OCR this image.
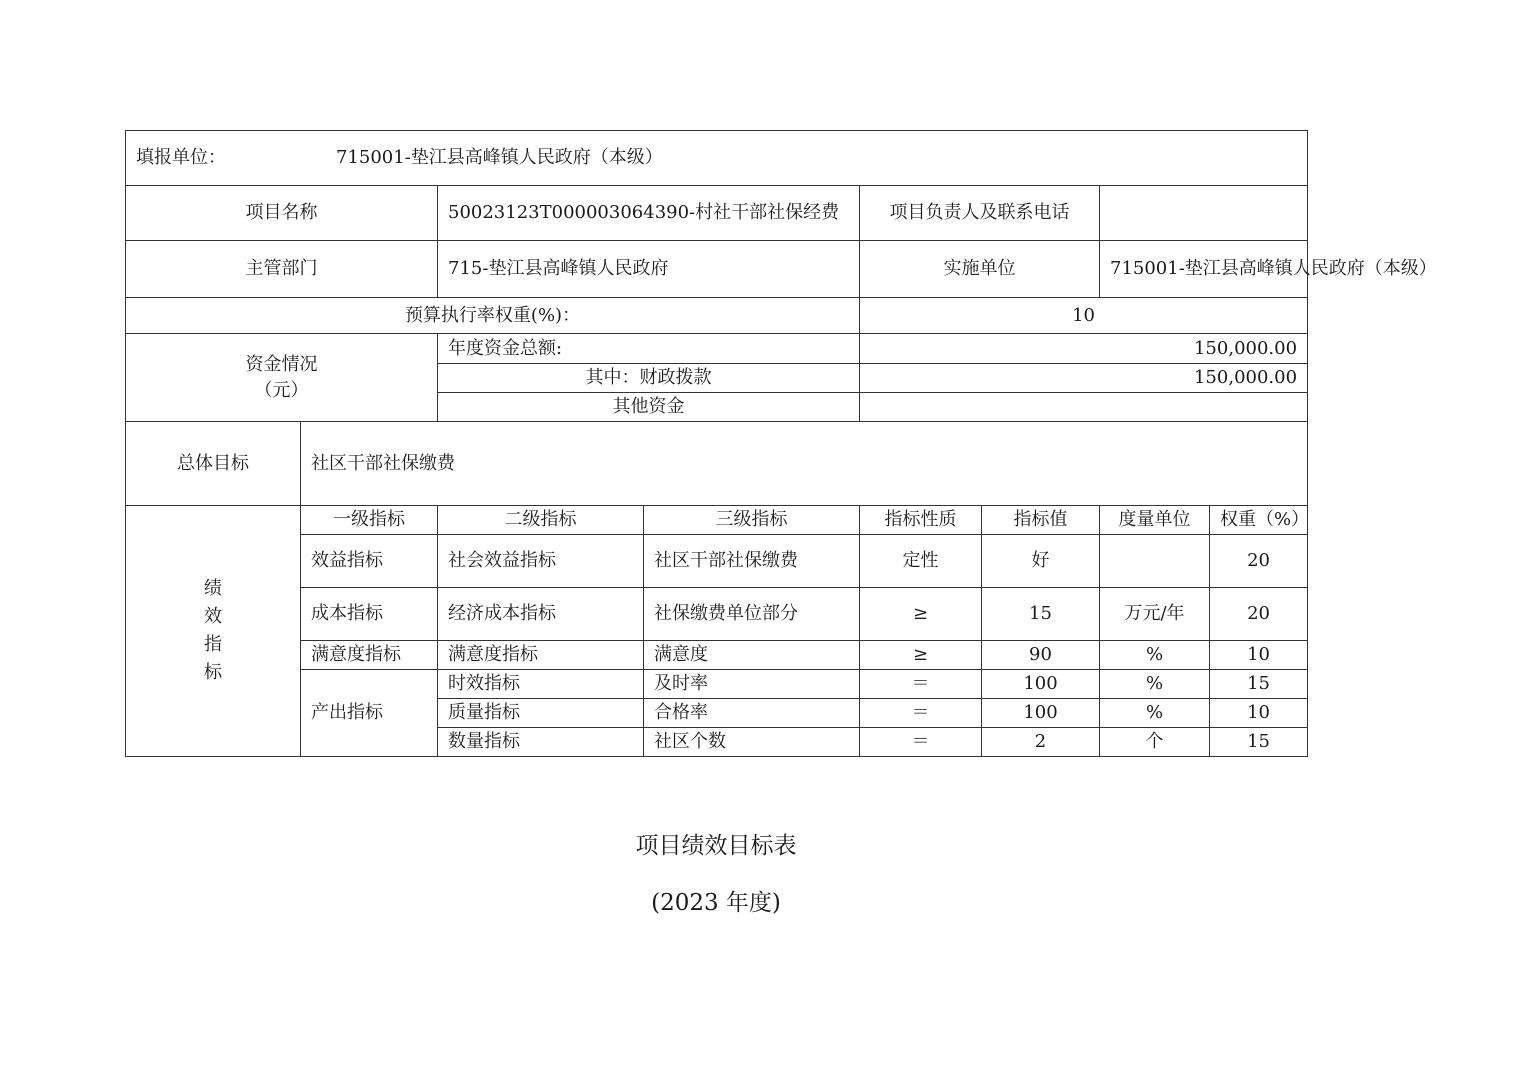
填报单位： 715001-垫江县高峰镇人民政府（本级）							
项目名称		50023123T000003064390-村社干部社保经费		项目负责人及联系电话			
主管部门		715-垫江县高峰镇人民政府		实施单位		715001-垫江县高峰镇人民政府（本级）	
预算执行率权重(%)：				10			
资金情况
（元）		年度资金总额:		150,000.00			
		其中：财政拨款		150,000.00			
		其他资金					
总体目标	社区干部社保缴费						

绩
效
指
标	一级指标	二级指标	三级指标	指标性质	指标值	度量单位	权重（%）
	效益指标	社会效益指标	社区干部社保缴费	定性	好		20
	成本指标	经济成本指标	社保缴费单位部分	≥	15	万元/年	20
	满意度指标	满意度指标	满意度	≥	90	%	10
	产出指标	时效指标	及时率	＝	100	%	15
		质量指标	合格率	＝	100	%	10
		数量指标	社区个数	＝	2	个	15
项目绩效目标表
(2023 年度)
